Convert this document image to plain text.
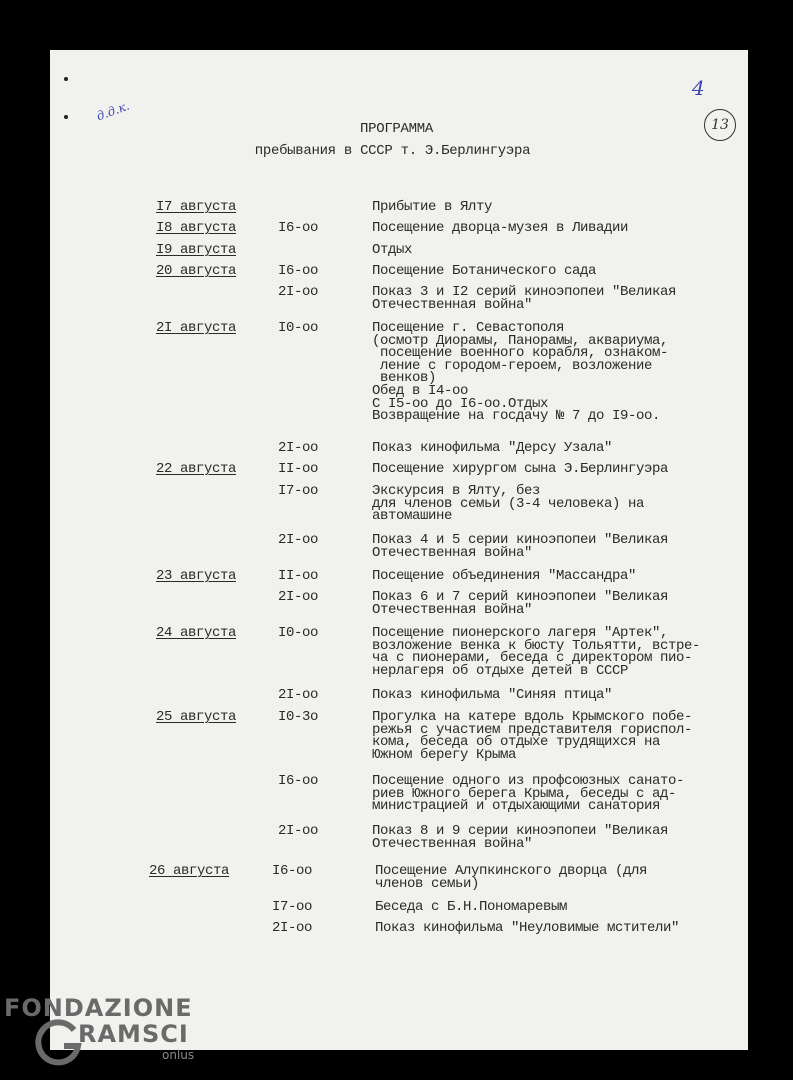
4
д.д.к.
13
ПРОГРАММА
пребывания в СССР т. Э.Берлингуэра
I7 августа	Прибытие в Ялту
I8 августа	I6-оо	Посещение дворца-музея в Ливадии
I9 августа	Отдых
20 августа	I6-оо	Посещение Ботанического сада
2I-оо	Показ 3 и I2 серий киноэпопеи "Великая
Отечественная война"
2I августа	I0-оо	Посещение г. Севастополя
(осмотр Диорамы, Панорамы, аквариума,
посещение военного корабля, ознаком-
ление с городом-героем, возложение
венков)
Обед в I4-оо
С I5-оо до I6-оо.Отдых
Возвращение на госдачу № 7 до I9-оо.
2I-оо	Показ кинофильма "Дерсу Узала"
22 августа	II-оо	Посещение хирургом сына Э.Берлингуэра
I7-оо	Экскурсия в Ялту, без
для членов семьи (3-4 человека) на
автомашине
2I-оо	Показ 4 и 5 серии киноэпопеи "Великая
Отечественная война"
23 августа	II-оо	Посещение объединения "Массандра"
2I-оо	Показ 6 и 7 серий киноэпопеи "Великая
Отечественная война"
24 августа	I0-оо	Посещение пионерского лагеря "Артек",
возложение венка к бюсту Тольятти, встре-
ча с пионерами, беседа с директором пио-
нерлагеря об отдыхе детей в СССР
2I-оо	Показ кинофильма "Синяя птица"
25 августа	I0-3о	Прогулка на катере вдоль Крымского побе-
режья с участием представителя гориспол-
кома, беседа об отдыхе трудящихся на
Южном берегу Крыма
I6-оо	Посещение одного из профсоюзных санато-
риев Южного берега Крыма, беседы с ад-
министрацией и отдыхающими санатория
2I-оо	Показ 8 и 9 серии киноэпопеи "Великая
Отечественная война"
26 августа	I6-оо	Посещение Алупкинского дворца (для
членов семьи)
I7-оо	Беседа с Б.Н.Пономаревым
2I-оо	Показ кинофильма "Неуловимые мстители"
FONDAZIONE
RAMSCI
onlus
